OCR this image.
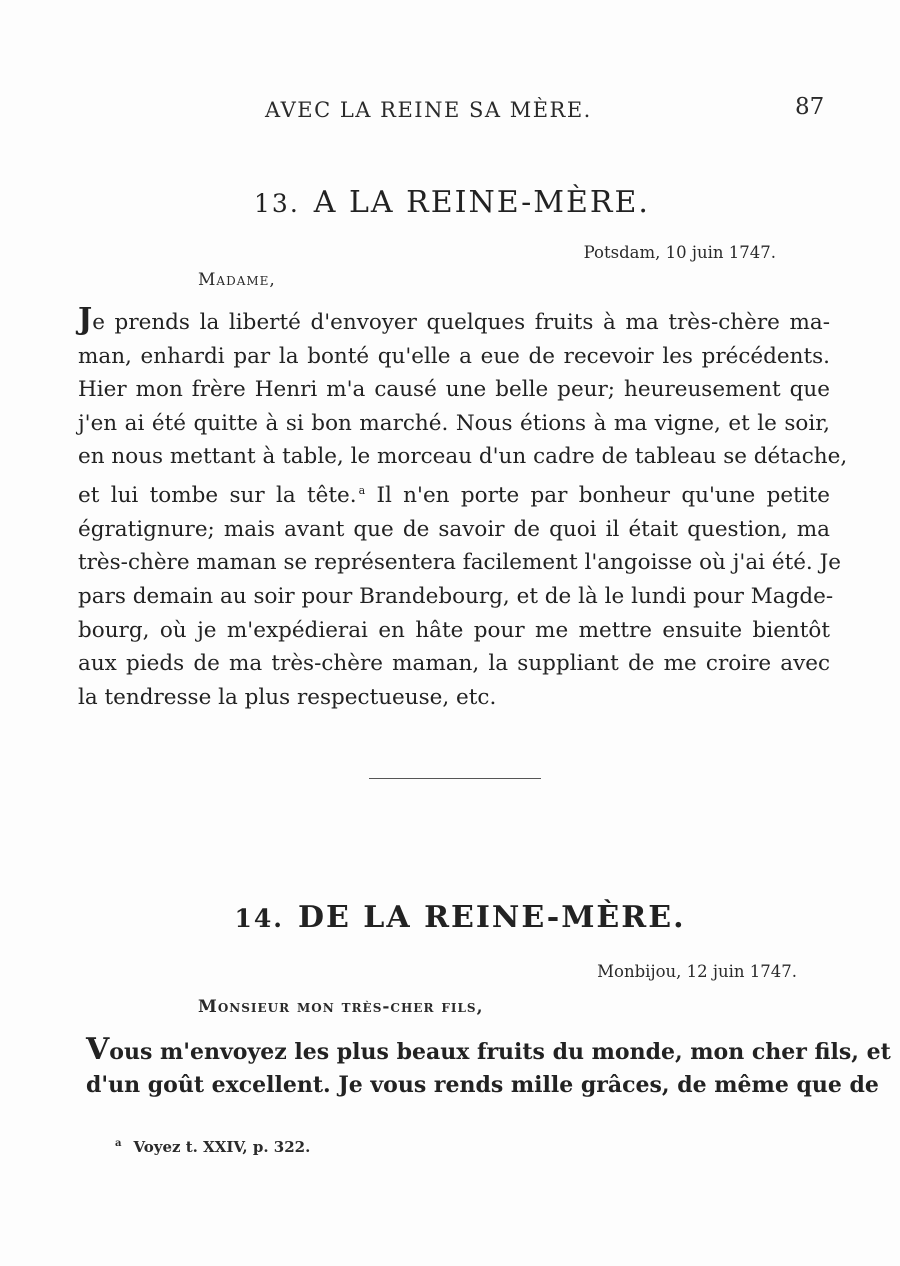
AVEC LA REINE SA MÈRE.	87
13. A LA REINE-MÈRE.
Potsdam, 10 juin 1747.
Madame,
Je prends la liberté d'envoyer quelques fruits à ma très-chère ma-
man, enhardi par la bonté qu'elle a eue de recevoir les précédents.
Hier mon frère Henri m'a causé une belle peur; heureusement que
j'en ai été quitte à si bon marché. Nous étions à ma vigne, et le soir,
en nous mettant à table, le morceau d'un cadre de tableau se détache,
et lui tombe sur la tête. $^a$ Il n'en porte par bonheur qu'une petite
égratignure; mais avant que de savoir de quoi il était question, ma
très-chère maman se représentera facilement l'angoisse où j'ai été. Je
pars demain au soir pour Brandebourg, et de là le lundi pour Magde-
bourg, où je m'expédierai en hâte pour me mettre ensuite bientôt
aux pieds de ma très-chère maman, la suppliant de me croire avec
la tendresse la plus respectueuse, etc.
14. DE LA REINE-MÈRE.
Monbijou, 12 juin 1747.
Monsieur mon très-cher fils,
Vous m'envoyez les plus beaux fruits du monde, mon cher fils, et
d'un goût excellent. Je vous rends mille grâces, de même que de
$^a$ Voyez t. XXIV, p. 322.
